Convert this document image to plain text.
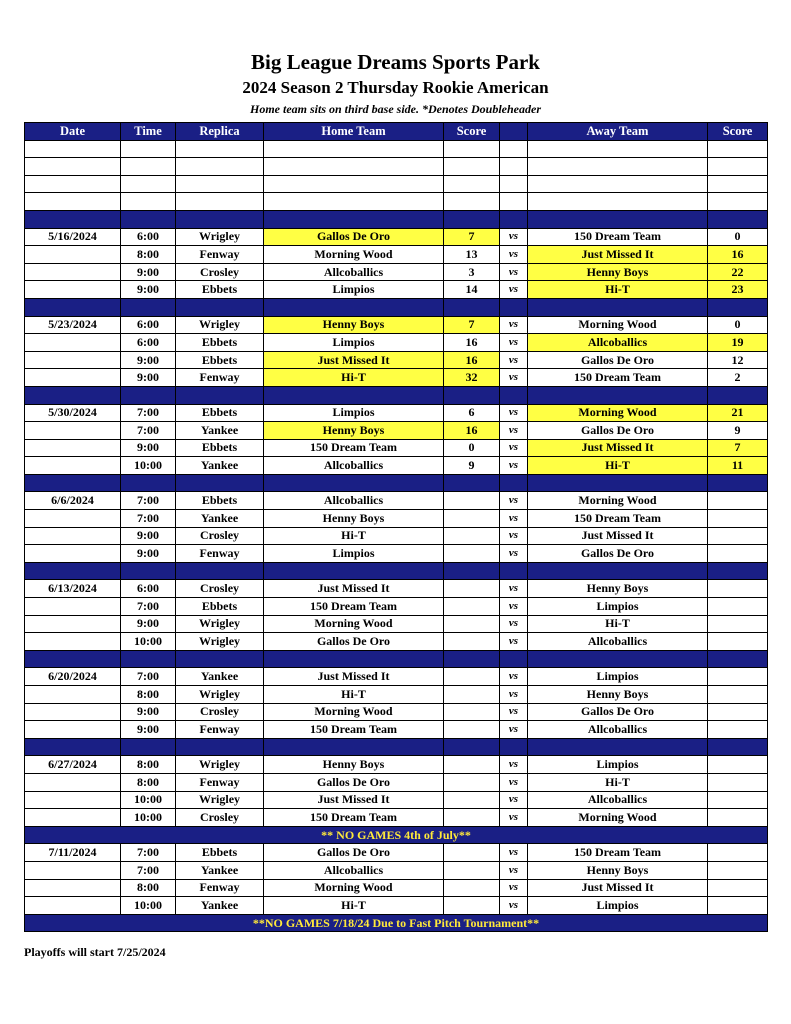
Big League Dreams Sports Park
2024 Season 2 Thursday Rookie American
Home team sits on third base side. *Denotes Doubleheader
Date	Time	Replica	Home Team	Score		Away Team	Score

5/16/2024	6:00	Wrigley	Gallos De Oro	7	vs	150 Dream Team	0
	8:00	Fenway	Morning Wood	13	vs	Just Missed It	16
	9:00	Crosley	Allcoballics	3	vs	Henny Boys	22
	9:00	Ebbets	Limpios	14	vs	Hi-T	23

5/23/2024	6:00	Wrigley	Henny Boys	7	vs	Morning Wood	0
	6:00	Ebbets	Limpios	16	vs	Allcoballics	19
	9:00	Ebbets	Just Missed It	16	vs	Gallos De Oro	12
	9:00	Fenway	Hi-T	32	vs	150 Dream Team	2

5/30/2024	7:00	Ebbets	Limpios	6	vs	Morning Wood	21
	7:00	Yankee	Henny Boys	16	vs	Gallos De Oro	9
	9:00	Ebbets	150 Dream Team	0	vs	Just Missed It	7
	10:00	Yankee	Allcoballics	9	vs	Hi-T	11

6/6/2024	7:00	Ebbets	Allcoballics		vs	Morning Wood	
	7:00	Yankee	Henny Boys		vs	150 Dream Team	
	9:00	Crosley	Hi-T		vs	Just Missed It	
	9:00	Fenway	Limpios		vs	Gallos De Oro	

6/13/2024	6:00	Crosley	Just Missed It		vs	Henny Boys	
	7:00	Ebbets	150 Dream Team		vs	Limpios	
	9:00	Wrigley	Morning Wood		vs	Hi-T	
	10:00	Wrigley	Gallos De Oro		vs	Allcoballics	

6/20/2024	7:00	Yankee	Just Missed It		vs	Limpios	
	8:00	Wrigley	Hi-T		vs	Henny Boys	
	9:00	Crosley	Morning Wood		vs	Gallos De Oro	
	9:00	Fenway	150 Dream Team		vs	Allcoballics	

6/27/2024	8:00	Wrigley	Henny Boys		vs	Limpios	
	8:00	Fenway	Gallos De Oro		vs	Hi-T	
	10:00	Wrigley	Just Missed It		vs	Allcoballics	
	10:00	Crosley	150 Dream Team		vs	Morning Wood	
** NO GAMES 4th of July**							
7/11/2024	7:00	Ebbets	Gallos De Oro		vs	150 Dream Team	
	7:00	Yankee	Allcoballics		vs	Henny Boys	
	8:00	Fenway	Morning Wood		vs	Just Missed It	
	10:00	Yankee	Hi-T		vs	Limpios	
**NO GAMES 7/18/24 Due to Fast Pitch Tournament**							
Playoffs will start 7/25/2024
